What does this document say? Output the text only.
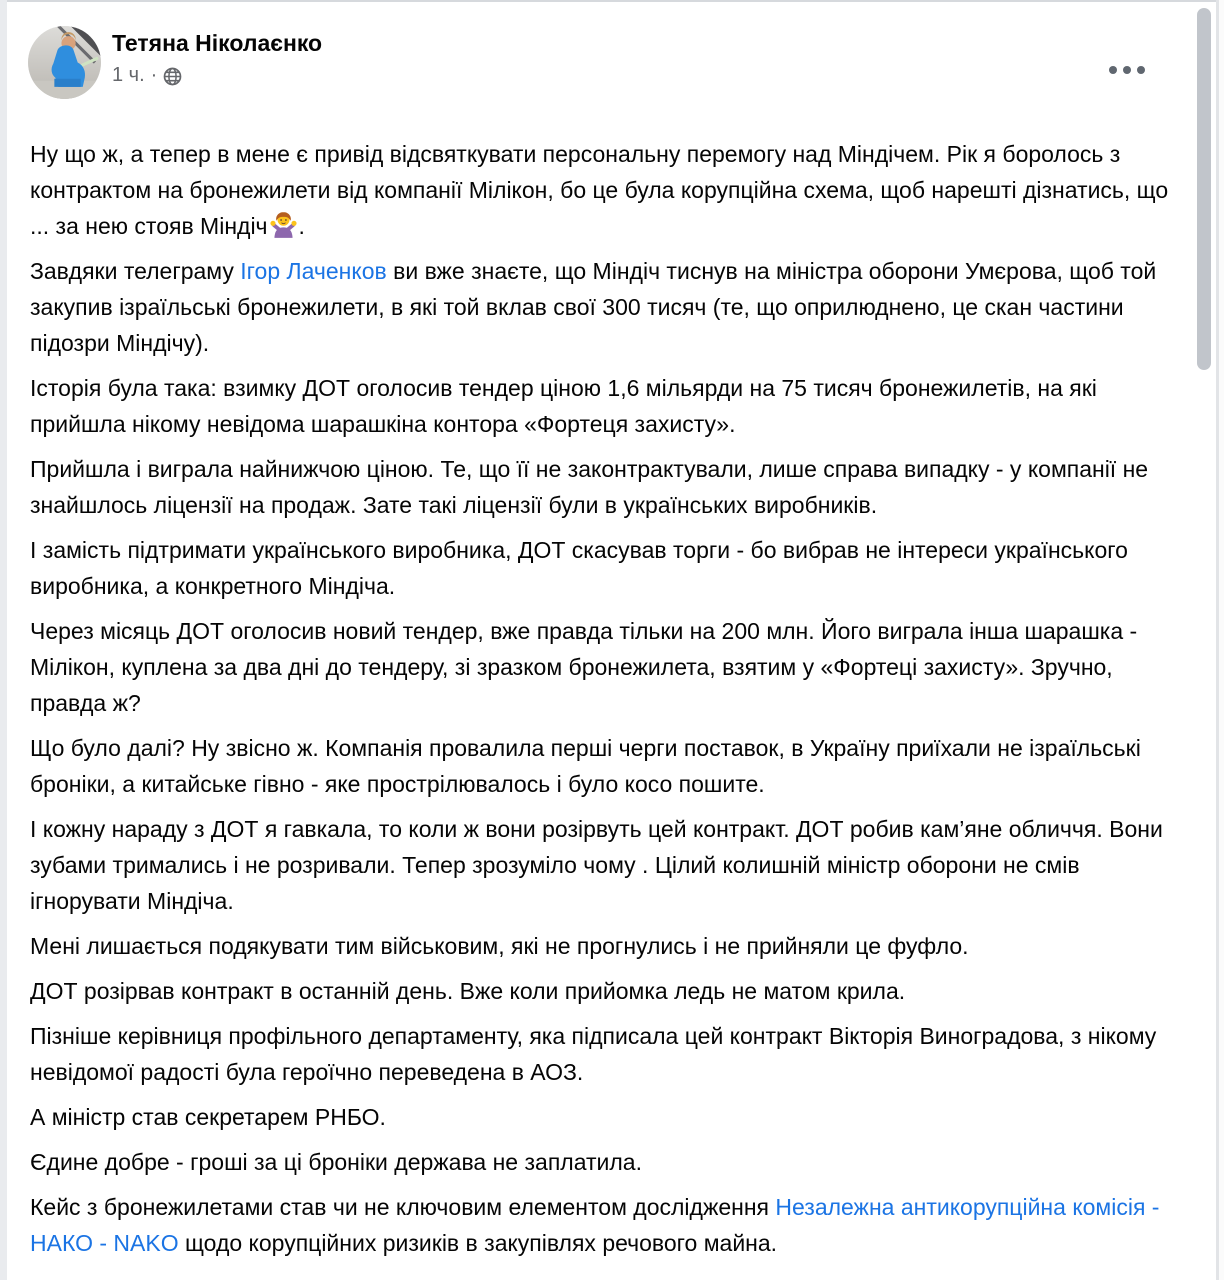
Тетяна Ніколаєнко
1 ч. ·

Ну що ж, а тепер в мене є привід відсвяткувати персональну перемогу над Міндічем. Рік я боролось з контрактом на бронежилети від компанії Мілікон, бо це була корупційна схема, щоб нарешті дізнатись, що ... за нею стояв Міндіч .

Завдяки телеграму Ігор Лаченков ви вже знаєте, що Міндіч тиснув на міністра оборони Умєрова, щоб той закупив ізраїльські бронежилети, в які той вклав свої 300 тисяч (те, що оприлюднено, це скан частини підозри Міндічу).

Історія була така: взимку ДОТ оголосив тендер ціною 1,6 мільярди на 75 тисяч бронежилетів, на які прийшла нікому невідома шарашкіна контора «Фортеця захисту».

Прийшла і виграла найнижчою ціною. Те, що її не законтрактували, лише справа випадку - у компанії не знайшлось ліцензії на продаж. Зате такі ліцензії були в українських виробників.

І замість підтримати українського виробника, ДОТ скасував торги - бо вибрав не інтереси українського виробника, а конкретного Міндіча.

Через місяць ДОТ оголосив новий тендер, вже правда тільки на 200 млн. Його виграла інша шарашка - Мілікон, куплена за два дні до тендеру, зі зразком бронежилета, взятим у «Фортеці захисту». Зручно, правда ж?

Що було далі? Ну звісно ж. Компанія провалила перші черги поставок, в Україну приїхали не ізраїльські броніки, а китайське гівно - яке прострілювалось і було косо пошите.

І кожну нараду з ДОТ я гавкала, то коли ж вони розірвуть цей контракт. ДОТ робив кам’яне обличчя. Вони зубами тримались і не розривали. Тепер зрозуміло чому . Цілий колишній міністр оборони не смів ігнорувати Міндіча.

Мені лишається подякувати тим військовим, які не прогнулись і не прийняли це фуфло.

ДОТ розірвав контракт в останній день. Вже коли прийомка ледь не матом крила.

Пізніше керівниця профільного департаменту, яка підписала цей контракт Вікторія Виноградова, з нікому невідомої радості була героїчно переведена в АОЗ.

А міністр став секретарем РНБО.

Єдине добре - гроші за ці броніки держава не заплатила.

Кейс з бронежилетами став чи не ключовим елементом дослідження Незалежна антикорупційна комісія - НАКО - NAKO щодо корупційних ризиків в закупівлях речового майна.
